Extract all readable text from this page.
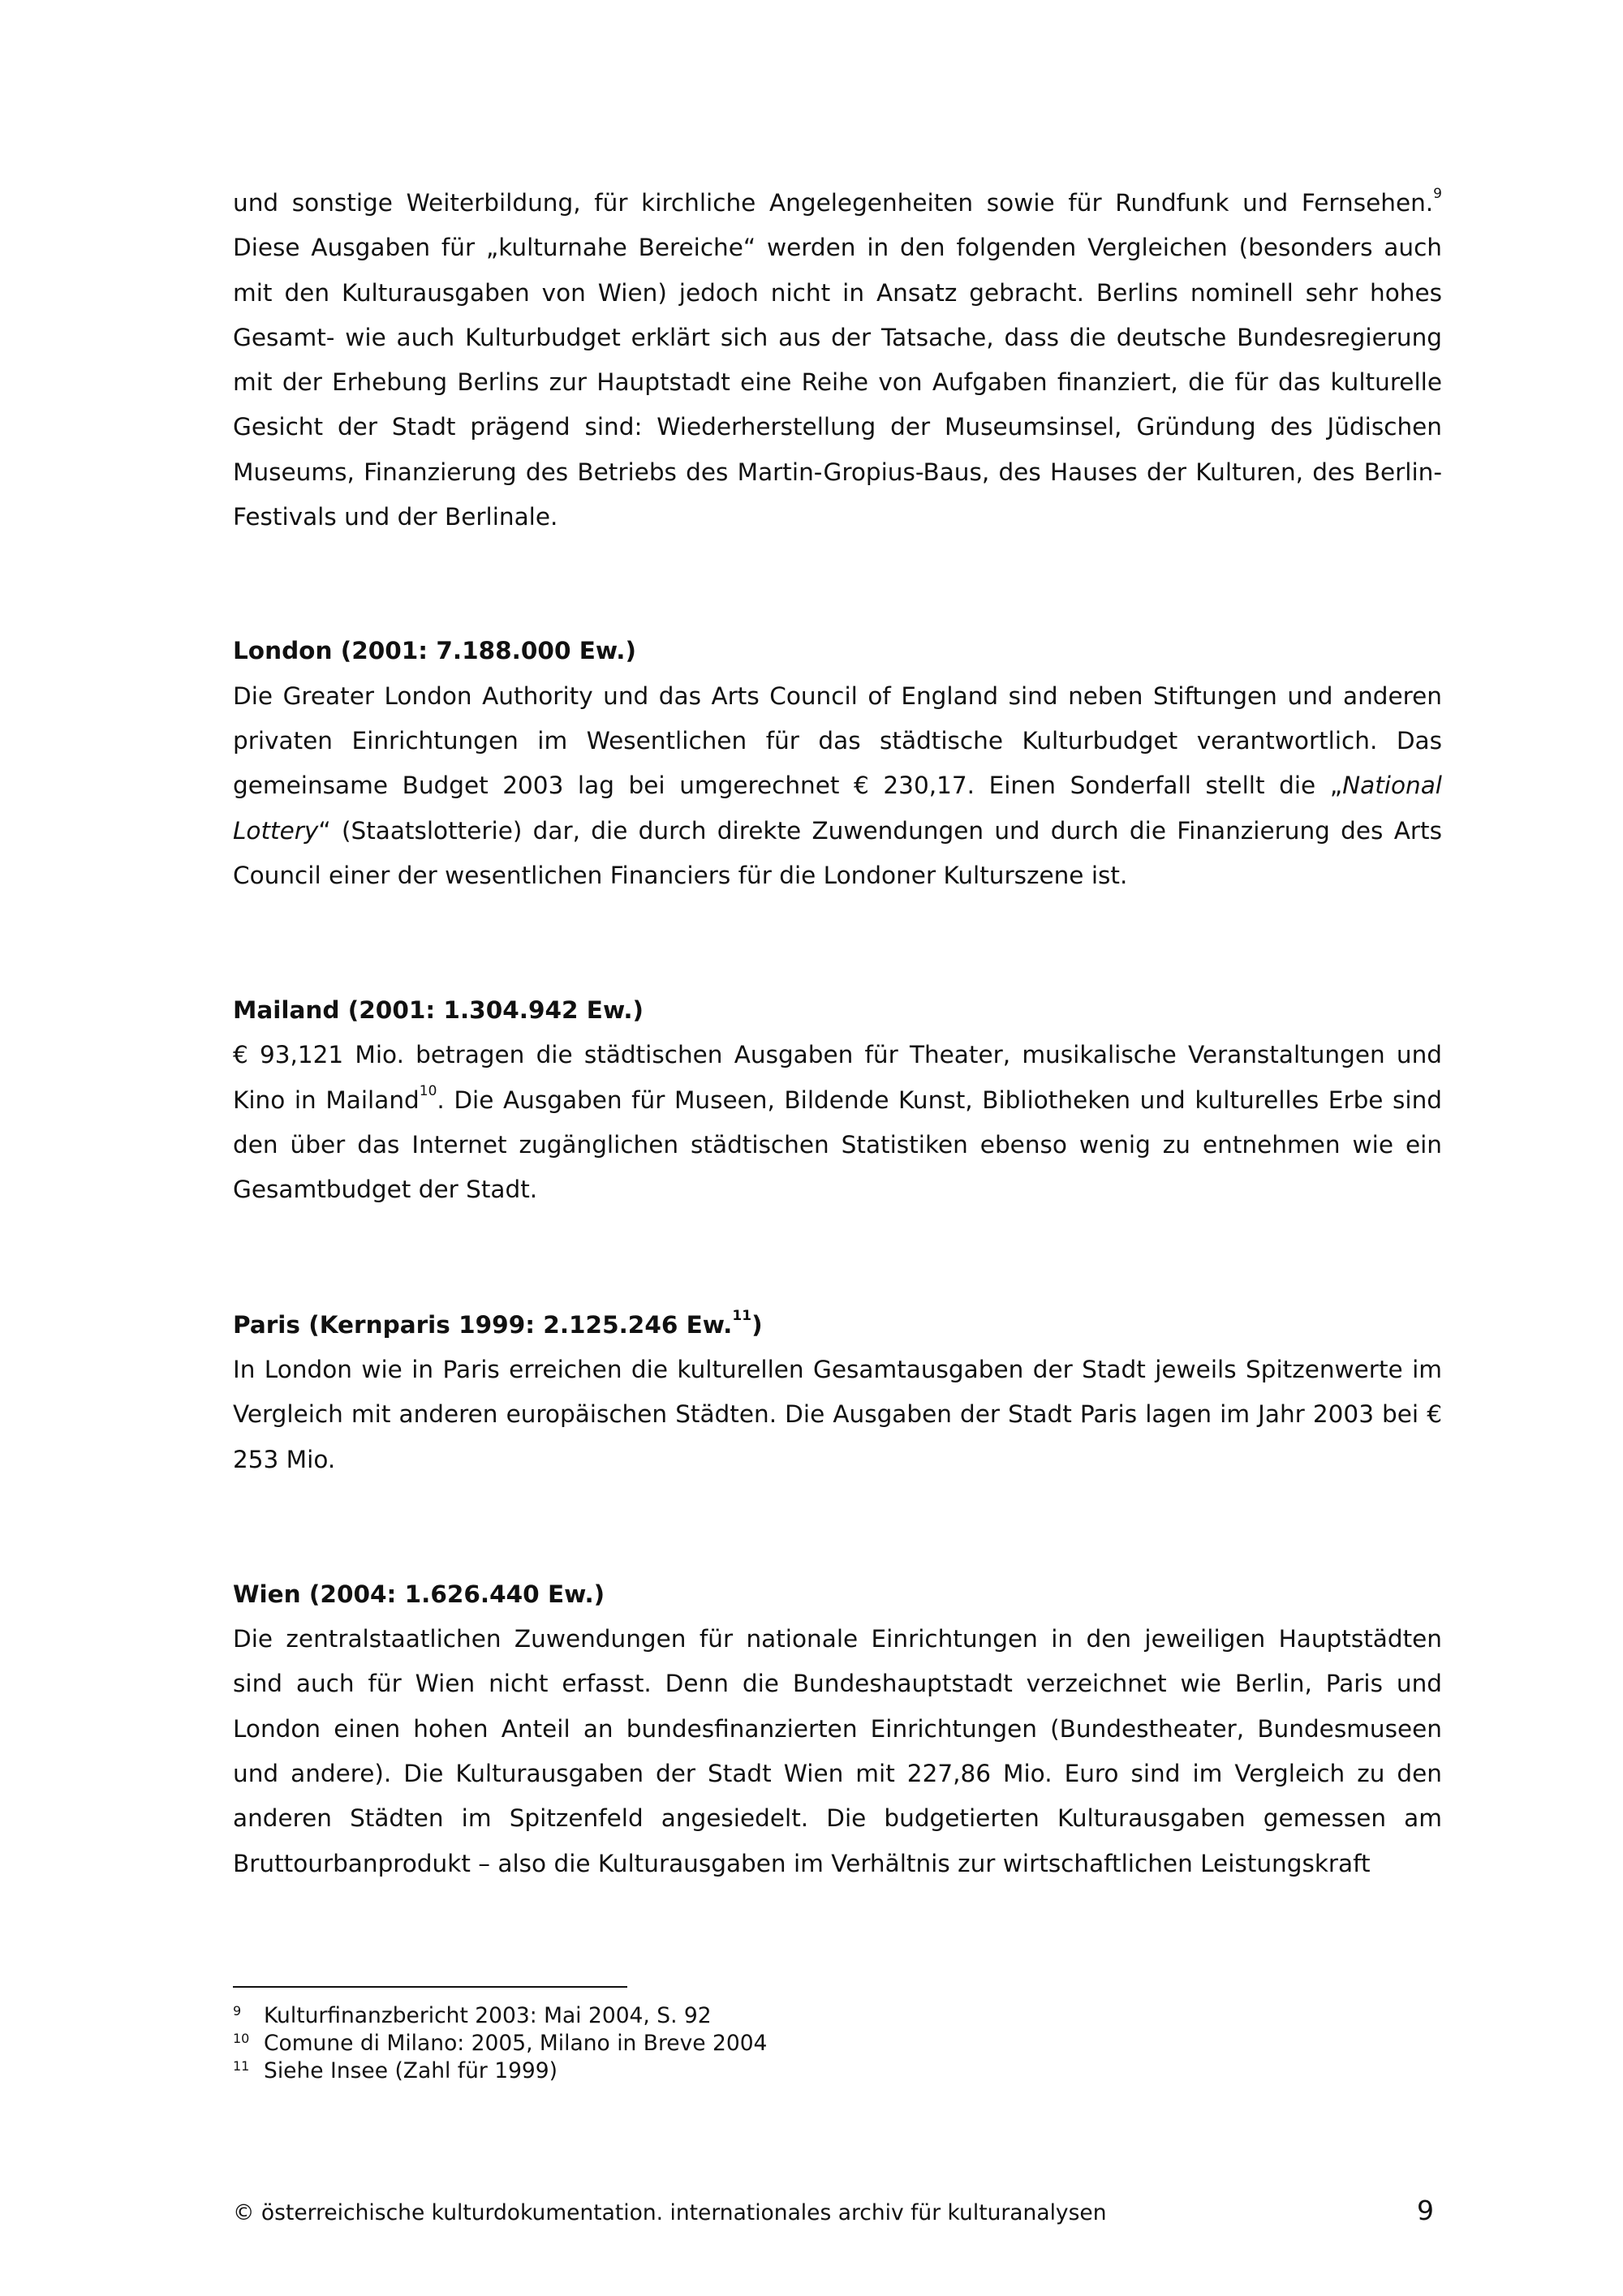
und sonstige Weiterbildung, für kirchliche Angelegenheiten sowie für Rundfunk und Fernsehen.$^9$ Diese Ausgaben für „kulturnahe Bereiche“ werden in den folgenden Vergleichen (besonders auch mit den Kulturausgaben von Wien) jedoch nicht in Ansatz gebracht. Berlins nominell sehr hohes Gesamt- wie auch Kulturbudget erklärt sich aus der Tatsache, dass die deutsche Bundesregierung mit der Erhebung Berlins zur Hauptstadt eine Reihe von Aufgaben finanziert, die für das kulturelle Gesicht der Stadt prägend sind: Wiederherstellung der Museumsinsel, Gründung des Jüdischen Museums, Finanzierung des Betriebs des Martin-Gropius-Baus, des Hauses der Kulturen, des Berlin-Festivals und der Berlinale.

London (2001: 7.188.000 Ew.)

Die Greater London Authority und das Arts Council of England sind neben Stiftungen und anderen privaten Einrichtungen im Wesentlichen für das städtische Kulturbudget verantwortlich. Das gemeinsame Budget 2003 lag bei umgerechnet € 230,17. Einen Sonderfall stellt die „National Lottery“ (Staatslotterie) dar, die durch direkte Zuwendungen und durch die Finanzierung des Arts Council einer der wesentlichen Financiers für die Londoner Kulturszene ist.

Mailand (2001: 1.304.942 Ew.)

€ 93,121 Mio. betragen die städtischen Ausgaben für Theater, musikalische Veranstaltungen und Kino in Mailand$^{10}$. Die Ausgaben für Museen, Bildende Kunst, Bibliotheken und kulturelles Erbe sind den über das Internet zugänglichen städtischen Statistiken ebenso wenig zu entnehmen wie ein Gesamtbudget der Stadt.

Paris (Kernparis 1999: 2.125.246 Ew.$^{11}$)

In London wie in Paris erreichen die kulturellen Gesamtausgaben der Stadt jeweils Spitzenwerte im Vergleich mit anderen europäischen Städten. Die Ausgaben der Stadt Paris lagen im Jahr 2003 bei € 253 Mio.

Wien (2004: 1.626.440 Ew.)

Die zentralstaatlichen Zuwendungen für nationale Einrichtungen in den jeweiligen Hauptstädten sind auch für Wien nicht erfasst. Denn die Bundeshauptstadt verzeichnet wie Berlin, Paris und London einen hohen Anteil an bundesfinanzierten Einrichtungen (Bundestheater, Bundesmuseen und andere). Die Kulturausgaben der Stadt Wien mit 227,86 Mio. Euro sind im Vergleich zu den anderen Städten im Spitzenfeld angesiedelt. Die budgetierten Kulturausgaben gemessen am Bruttourbanprodukt – also die Kulturausgaben im Verhältnis zur wirtschaftlichen Leistungskraft

9	Kulturfinanzbericht 2003: Mai 2004, S. 92
10 Comune di Milano: 2005, Milano in Breve 2004
11 Siehe Insee (Zahl für 1999)
© österreichische kulturdokumentation. internationales archiv für kulturanalysen	9
